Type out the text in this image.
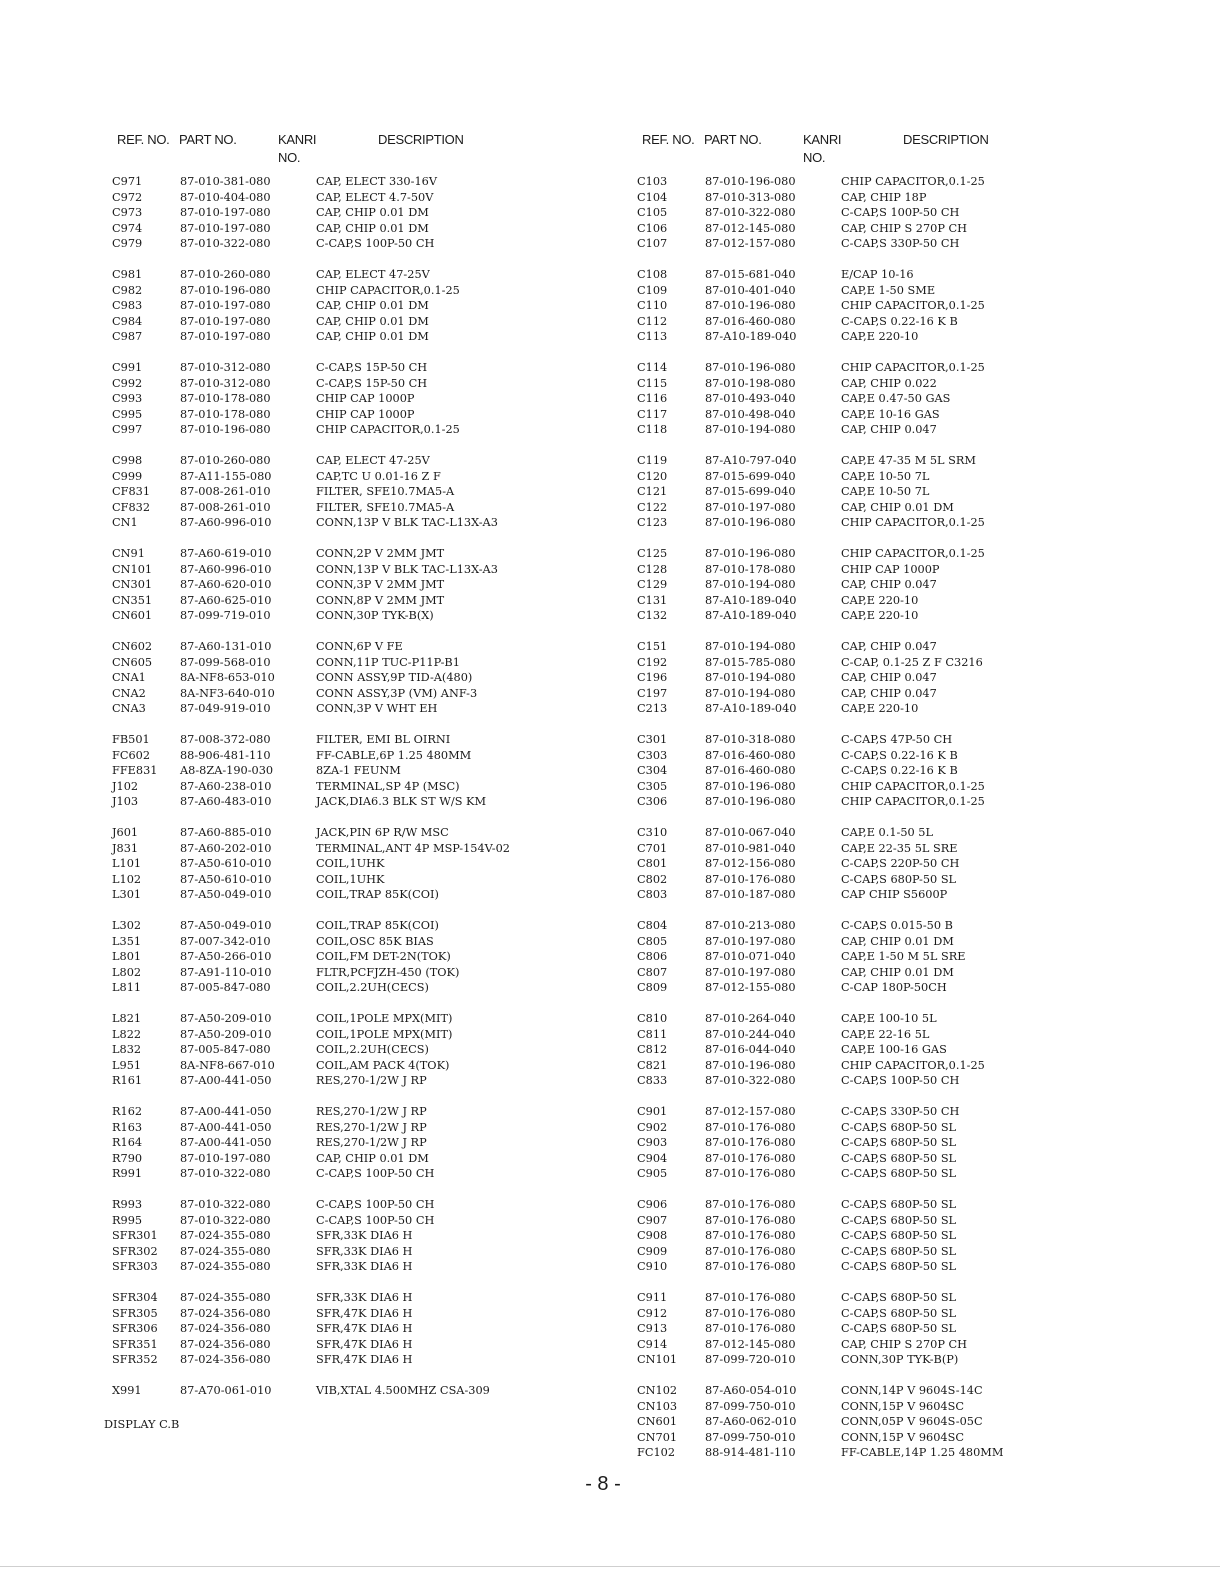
REF. NO. PART NO.	KANRI
NO.
DESCRIPTION
C971	87-010-381-080	CAP, ELECT 330-16V
C972	87-010-404-080	CAP, ELECT 4.7-50V
C973	87-010-197-080	CAP, CHIP 0.01 DM
C974	87-010-197-080	CAP, CHIP 0.01 DM
C979	87-010-322-080	C-CAP,S 100P-50 CH
C981	87-010-260-080	CAP, ELECT 47-25V
C982	87-010-196-080	CHIP CAPACITOR,0.1-25
C983	87-010-197-080	CAP, CHIP 0.01 DM
C984	87-010-197-080	CAP, CHIP 0.01 DM
C987	87-010-197-080	CAP, CHIP 0.01 DM
C991	87-010-312-080	C-CAP,S 15P-50 CH
C992	87-010-312-080	C-CAP,S 15P-50 CH
C993	87-010-178-080	CHIP CAP 1000P
C995	87-010-178-080	CHIP CAP 1000P
C997	87-010-196-080	CHIP CAPACITOR,0.1-25
C998	87-010-260-080	CAP, ELECT 47-25V
C999	87-A11-155-080	CAP,TC U 0.01-16 Z F
CF831	87-008-261-010	FILTER, SFE10.7MA5-A
CF832	87-008-261-010	FILTER, SFE10.7MA5-A
CN1	87-A60-996-010	CONN,13P V BLK TAC-L13X-A3
CN91	87-A60-619-010	CONN,2P V 2MM JMT
CN101 87-A60-996-010	CONN,13P V BLK TAC-L13X-A3
CN301 87-A60-620-010	CONN,3P V 2MM JMT
CN351 87-A60-625-010	CONN,8P V 2MM JMT
CN601 87-099-719-010	CONN,30P TYK-B(X)
CN602 87-A60-131-010	CONN,6P V FE
CN605 87-099-568-010	CONN,11P TUC-P11P-B1
CNA1	8A-NF8-653-010	CONN ASSY,9P TID-A(480)
CNA2	8A-NF3-640-010	CONN ASSY,3P (VM) ANF-3
CNA3	87-049-919-010	CONN,3P V WHT EH
FB501	87-008-372-080	FILTER, EMI BL OIRNI
FC602	88-906-481-110	FF-CABLE,6P 1.25 480MM
FFE831 A8-8ZA-190-030	8ZA-1 FEUNM
J102	87-A60-238-010	TERMINAL,SP 4P (MSC)
J103	87-A60-483-010	JACK,DIA6.3 BLK ST W/S KM
J601	87-A60-885-010	JACK,PIN 6P R/W MSC
J831	87-A60-202-010	TERMINAL,ANT 4P MSP-154V-02
L101	87-A50-610-010	COIL,1UHK
L102	87-A50-610-010	COIL,1UHK
L301	87-A50-049-010	COIL,TRAP 85K(COI)
L302	87-A50-049-010	COIL,TRAP 85K(COI)
L351	87-007-342-010	COIL,OSC 85K BIAS
L801	87-A50-266-010	COIL,FM DET-2N(TOK)
L802	87-A91-110-010	FLTR,PCFJZH-450 (TOK)
L811	87-005-847-080	COIL,2.2UH(CECS)
L821	87-A50-209-010	COIL,1POLE MPX(MIT)
L822	87-A50-209-010	COIL,1POLE MPX(MIT)
L832	87-005-847-080	COIL,2.2UH(CECS)
L951	8A-NF8-667-010	COIL,AM PACK 4(TOK)
R161	87-A00-441-050	RES,270-1/2W J RP
R162	87-A00-441-050	RES,270-1/2W J RP
R163	87-A00-441-050	RES,270-1/2W J RP
R164	87-A00-441-050	RES,270-1/2W J RP
R790	87-010-197-080	CAP, CHIP 0.01 DM
R991	87-010-322-080	C-CAP,S 100P-50 CH
R993	87-010-322-080	C-CAP,S 100P-50 CH
R995	87-010-322-080	C-CAP,S 100P-50 CH
SFR301 87-024-355-080	SFR,33K DIA6 H
SFR302 87-024-355-080	SFR,33K DIA6 H
SFR303 87-024-355-080	SFR,33K DIA6 H
SFR304 87-024-355-080	SFR,33K DIA6 H
SFR305 87-024-356-080	SFR,47K DIA6 H
SFR306 87-024-356-080	SFR,47K DIA6 H
SFR351 87-024-356-080	SFR,47K DIA6 H
SFR352 87-024-356-080	SFR,47K DIA6 H
X991	87-A70-061-010	VIB,XTAL 4.500MHZ CSA-309
REF. NO. PART NO.	KANRI
NO.
DESCRIPTION
C103	87-010-196-080	CHIP CAPACITOR,0.1-25
C104	87-010-313-080	CAP, CHIP 18P
C105	87-010-322-080	C-CAP,S 100P-50 CH
C106	87-012-145-080	CAP, CHIP S 270P CH
C107	87-012-157-080	C-CAP,S 330P-50 CH
C108	87-015-681-040	E/CAP 10-16
C109	87-010-401-040	CAP,E 1-50 SME
C110	87-010-196-080	CHIP CAPACITOR,0.1-25
C112	87-016-460-080	C-CAP,S 0.22-16 K B
C113	87-A10-189-040	CAP,E 220-10
C114	87-010-196-080	CHIP CAPACITOR,0.1-25
C115	87-010-198-080	CAP, CHIP 0.022
C116	87-010-493-040	CAP,E 0.47-50 GAS
C117	87-010-498-040	CAP,E 10-16 GAS
C118	87-010-194-080	CAP, CHIP 0.047
C119	87-A10-797-040	CAP,E 47-35 M 5L SRM
C120	87-015-699-040	CAP,E 10-50 7L
C121	87-015-699-040	CAP,E 10-50 7L
C122	87-010-197-080	CAP, CHIP 0.01 DM
C123	87-010-196-080	CHIP CAPACITOR,0.1-25
C125	87-010-196-080	CHIP CAPACITOR,0.1-25
C128	87-010-178-080	CHIP CAP 1000P
C129	87-010-194-080	CAP, CHIP 0.047
C131	87-A10-189-040	CAP,E 220-10
C132	87-A10-189-040	CAP,E 220-10
C151	87-010-194-080	CAP, CHIP 0.047
C192	87-015-785-080	C-CAP, 0.1-25 Z F C3216
C196	87-010-194-080	CAP, CHIP 0.047
C197	87-010-194-080	CAP, CHIP 0.047
C213	87-A10-189-040	CAP,E 220-10
C301	87-010-318-080	C-CAP,S 47P-50 CH
C303	87-016-460-080	C-CAP,S 0.22-16 K B
C304	87-016-460-080	C-CAP,S 0.22-16 K B
C305	87-010-196-080	CHIP CAPACITOR,0.1-25
C306	87-010-196-080	CHIP CAPACITOR,0.1-25
C310	87-010-067-040	CAP,E 0.1-50 5L
C701	87-010-981-040	CAP,E 22-35 5L SRE
C801	87-012-156-080	C-CAP,S 220P-50 CH
C802	87-010-176-080	C-CAP,S 680P-50 SL
C803	87-010-187-080	CAP CHIP S5600P
C804	87-010-213-080	C-CAP,S 0.015-50 B
C805	87-010-197-080	CAP, CHIP 0.01 DM
C806	87-010-071-040	CAP,E 1-50 M 5L SRE
C807	87-010-197-080	CAP, CHIP 0.01 DM
C809	87-012-155-080	C-CAP 180P-50CH
C810	87-010-264-040	CAP,E 100-10 5L
C811	87-010-244-040	CAP,E 22-16 5L
C812	87-016-044-040	CAP,E 100-16 GAS
C821	87-010-196-080	CHIP CAPACITOR,0.1-25
C833	87-010-322-080	C-CAP,S 100P-50 CH
C901	87-012-157-080	C-CAP,S 330P-50 CH
C902	87-010-176-080	C-CAP,S 680P-50 SL
C903	87-010-176-080	C-CAP,S 680P-50 SL
C904	87-010-176-080	C-CAP,S 680P-50 SL
C905	87-010-176-080	C-CAP,S 680P-50 SL
C906	87-010-176-080	C-CAP,S 680P-50 SL
C907	87-010-176-080	C-CAP,S 680P-50 SL
C908	87-010-176-080	C-CAP,S 680P-50 SL
C909	87-010-176-080	C-CAP,S 680P-50 SL
C910	87-010-176-080	C-CAP,S 680P-50 SL
C911	87-010-176-080	C-CAP,S 680P-50 SL
C912	87-010-176-080	C-CAP,S 680P-50 SL
C913	87-010-176-080	C-CAP,S 680P-50 SL
C914	87-012-145-080	CAP, CHIP S 270P CH
CN101 87-099-720-010	CONN,30P TYK-B(P)
CN102 87-A60-054-010	CONN,14P V 9604S-14C
CN103 87-099-750-010	CONN,15P V 9604SC
CN601 87-A60-062-010	CONN,05P V 9604S-05C
CN701 87-099-750-010	CONN,15P V 9604SC
FC102	88-914-481-110	FF-CABLE,14P 1.25 480MM
DISPLAY C.B
- 8 -
